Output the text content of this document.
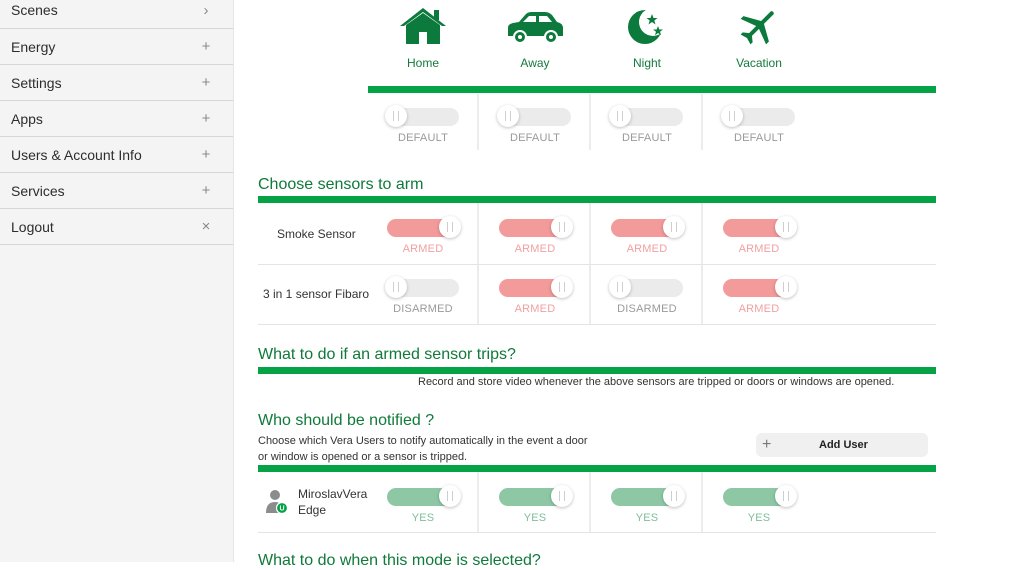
Scenes	›
Energy	+
Settings	+
Apps	+
Users & Account Info	+
Services	+
Logout	×
Home	Away	Night	Vacation
DEFAULT	DEFAULT	DEFAULT	DEFAULT
Choose sensors to arm
Smoke Sensor
ARMED	ARMED	ARMED	ARMED
3 in 1 sensor Fibaro
DISARMED	ARMED	DISARMED	ARMED
What to do if an armed sensor trips?
Record and store video whenever the above sensors are tripped or doors or windows are opened.
Who should be notified ?
Choose which Vera Users to notify automatically in the event a door or window is opened or a sensor is tripped.
+	Add User
U
MiroslavVera Edge
YES	YES	YES	YES
What to do when this mode is selected?
